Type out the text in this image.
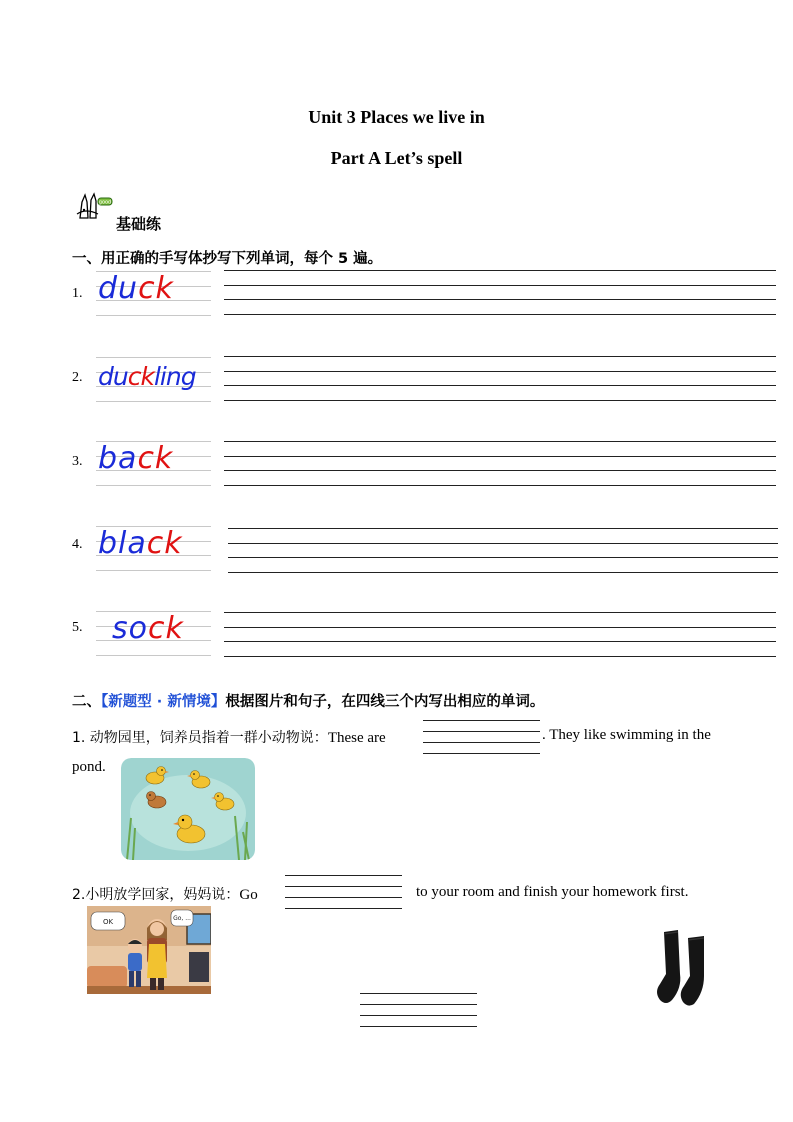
Unit 3 Places we live in
Part A Let’s spell
good
基础练
一、用正确的手写体抄写下列单词，每个 5 遍。
1. duck
2. duckling
3. back
4. black
5. sock
二、【新题型 · 新情境】根据图片和句子，在四线三个内写出相应的单词。
1. 动物园里，饲养员指着一群小动物说：These are	. They like swimming in the
pond.
2.小明放学回家，妈妈说：Go	to your room and finish your homework first.
OK	Go, ...
